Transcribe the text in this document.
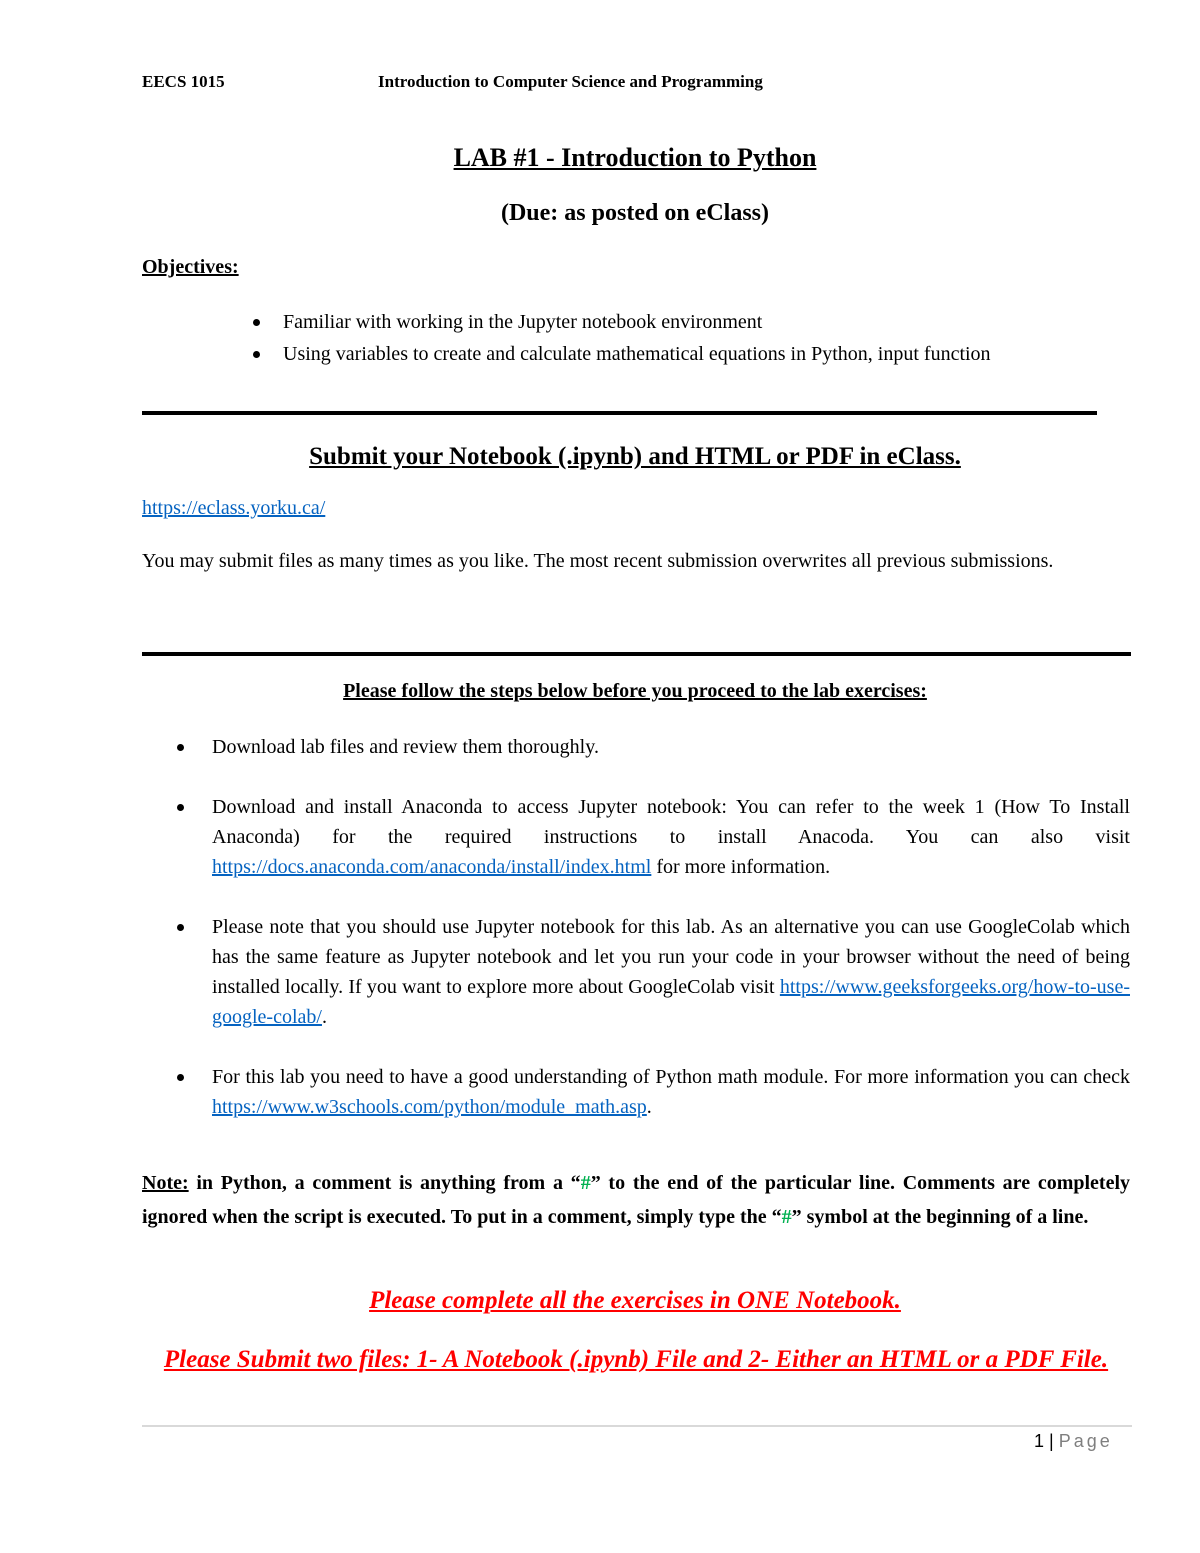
EECS 1015	Introduction to Computer Science and Programming
LAB #1 - Introduction to Python
(Due: as posted on eClass)
Objectives:
Familiar with working in the Jupyter notebook environment
Using variables to create and calculate mathematical equations in Python, input function
Submit your Notebook (.ipynb) and HTML or PDF in eClass.
https://eclass.yorku.ca/
You may submit files as many times as you like. The most recent submission overwrites all previous submissions.
Please follow the steps below before you proceed to the lab exercises:
Download lab files and review them thoroughly.
Download and install Anaconda to access Jupyter notebook: You can refer to the week 1 (How To Install Anaconda) for the required instructions to install Anacoda. You can also visit https://docs.anaconda.com/anaconda/install/index.html for more information.
Please note that you should use Jupyter notebook for this lab. As an alternative you can use GoogleColab which has the same feature as Jupyter notebook and let you run your code in your browser without the need of being installed locally. If you want to explore more about GoogleColab visit https://www.geeksforgeeks.org/how-to-use-google-colab/.
For this lab you need to have a good understanding of Python math module. For more information you can check https://www.w3schools.com/python/module_math.asp.
Note: in Python, a comment is anything from a “#” to the end of the particular line. Comments are completely ignored when the script is executed. To put in a comment, simply type the “#” symbol at the beginning of a line.
Please complete all the exercises in ONE Notebook.
Please Submit two files: 1- A Notebook (.ipynb) File and 2- Either an HTML or a PDF File.
1 | Page
